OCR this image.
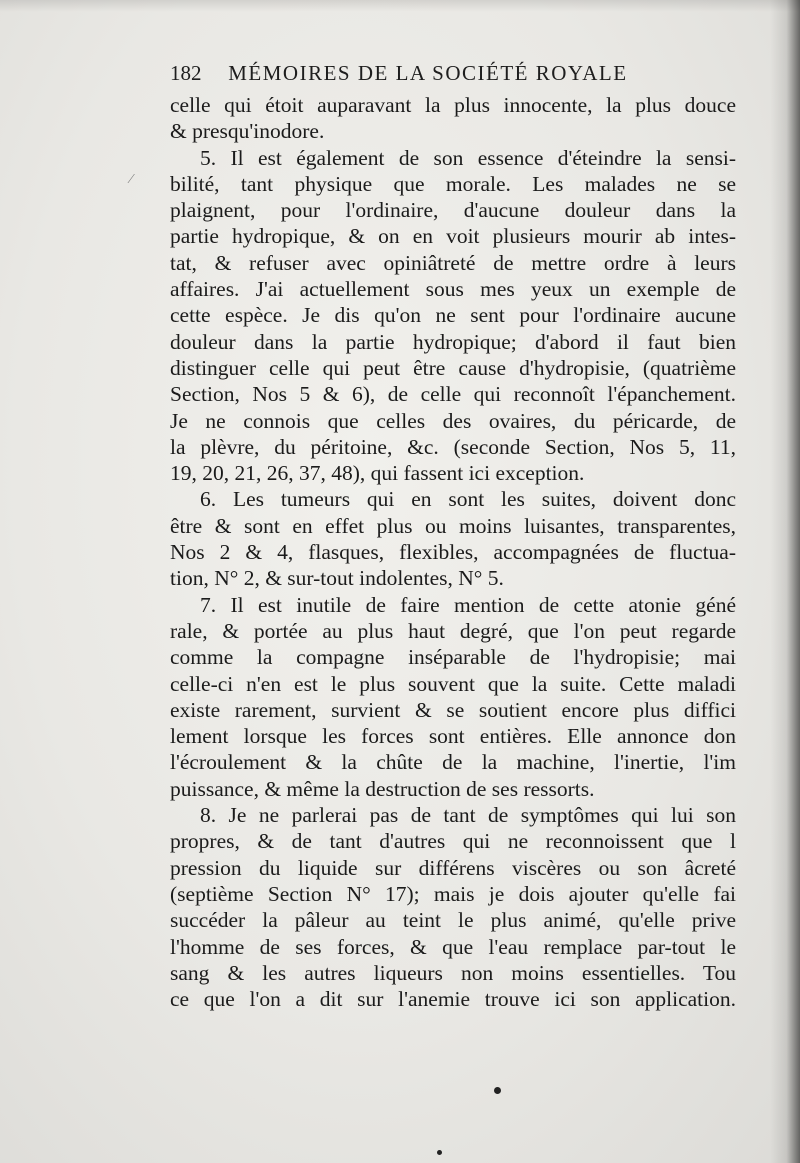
182 MÉMOIRES DE LA SOCIÉTÉ ROYALE
⁄
celle qui étoit auparavant la plus innocente, la plus douce
& presqu'inodore.
5. Il est également de son essence d'éteindre la sensi-
bilité, tant physique que morale. Les malades ne se
plaignent, pour l'ordinaire, d'aucune douleur dans la
partie hydropique, & on en voit plusieurs mourir ab intes-
tat, & refuser avec opiniâtreté de mettre ordre à leurs
affaires. J'ai actuellement sous mes yeux un exemple de
cette espèce. Je dis qu'on ne sent pour l'ordinaire aucune
douleur dans la partie hydropique; d'abord il faut bien
distinguer celle qui peut être cause d'hydropisie, (quatrième
Section, Nos 5 & 6), de celle qui reconnoît l'épanchement.
Je ne connois que celles des ovaires, du péricarde, de
la plèvre, du péritoine, &c. (seconde Section, Nos 5, 11,
19, 20, 21, 26, 37, 48), qui fassent ici exception.
6. Les tumeurs qui en sont les suites, doivent donc
être & sont en effet plus ou moins luisantes, transparentes,
Nos 2 & 4, flasques, flexibles, accompagnées de fluctua-
tion, N° 2, & sur-tout indolentes, N° 5.
7. Il est inutile de faire mention de cette atonie géné
rale, & portée au plus haut degré, que l'on peut regarde
comme la compagne inséparable de l'hydropisie; mai
celle-ci n'en est le plus souvent que la suite. Cette maladi
existe rarement, survient & se soutient encore plus diffici
lement lorsque les forces sont entières. Elle annonce don
l'écroulement & la chûte de la machine, l'inertie, l'im
puissance, & même la destruction de ses ressorts.
8. Je ne parlerai pas de tant de symptômes qui lui son
propres, & de tant d'autres qui ne reconnoissent que l
pression du liquide sur différens viscères ou son âcreté
(septième Section N° 17); mais je dois ajouter qu'elle fai
succéder la pâleur au teint le plus animé, qu'elle prive
l'homme de ses forces, & que l'eau remplace par-tout le
sang & les autres liqueurs non moins essentielles. Tou
ce que l'on a dit sur l'anemie trouve ici son application.
